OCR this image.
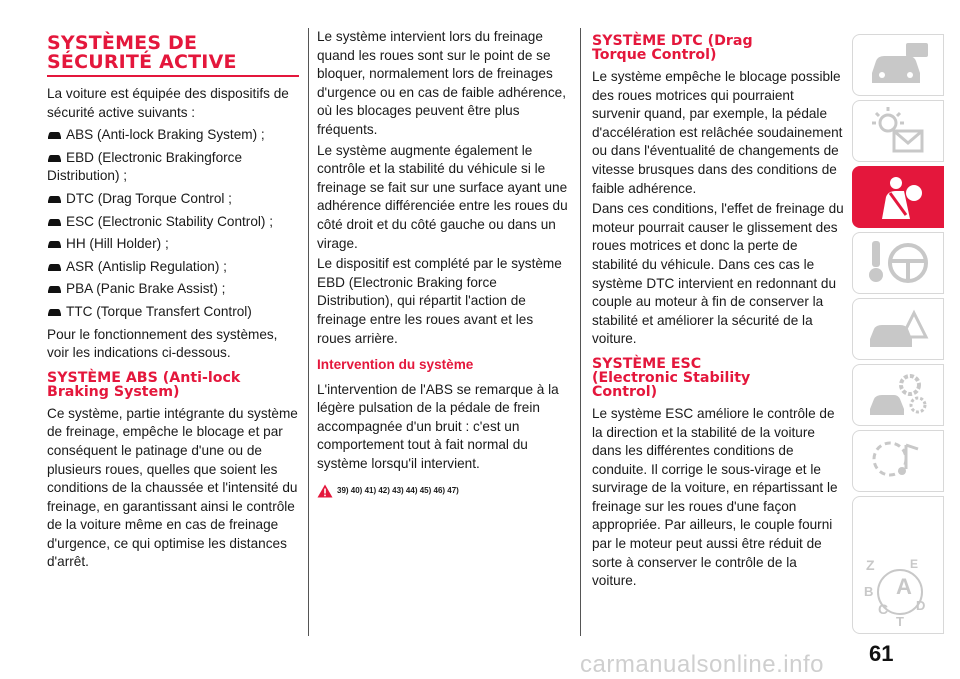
SYSTÈMES DE
SÉCURITÉ ACTIVE

La voiture est équipée des dispositifs de sécurité active suivants :

ABS (Anti-lock Braking System) ;
EBD (Electronic Brakingforce Distribution) ;
DTC (Drag Torque Control ;
ESC (Electronic Stability Control) ;
HH (Hill Holder) ;
ASR (Antislip Regulation) ;
PBA (Panic Brake Assist) ;
TTC (Torque Transfert Control)

Pour le fonctionnement des systèmes, voir les indications ci-dessous.

SYSTÈME ABS (Anti-lock
Braking System)

Ce système, partie intégrante du système de freinage, empêche le blocage et par conséquent le patinage d'une ou de plusieurs roues, quelles que soient les conditions de la chaussée et l'intensité du freinage, en garantissant ainsi le contrôle de la voiture même en cas de freinage d'urgence, ce qui optimise les distances d'arrêt.

Le système intervient lors du freinage quand les roues sont sur le point de se bloquer, normalement lors de freinages d'urgence ou en cas de faible adhérence, où les blocages peuvent être plus fréquents.

Le système augmente également le contrôle et la stabilité du véhicule si le freinage se fait sur une surface ayant une adhérence différenciée entre les roues du côté droit et du côté gauche ou dans un virage.

Le dispositif est complété par le système EBD (Electronic Braking force Distribution), qui répartit l'action de freinage entre les roues avant et les roues arrière.

Intervention du système

L'intervention de l'ABS se remarque à la légère pulsation de la pédale de frein accompagnée d'un bruit : c'est un comportement tout à fait normal du système lorsqu'il intervient.

39) 40) 41) 42) 43) 44) 45) 46) 47)
SYSTÈME DTC (Drag
Torque Control)

Le système empêche le blocage possible des roues motrices qui pourraient survenir quand, par exemple, la pédale d'accélération est relâchée soudainement ou dans l'éventualité de changements de vitesse brusques dans des conditions de faible adhérence.

Dans ces conditions, l'effet de freinage du moteur pourrait causer le glissement des roues motrices et donc la perte de stabilité du véhicule. Dans ces cas le système DTC intervient en redonnant du couple au moteur à fin de conserver la stabilité et améliorer la sécurité de la voiture.

SYSTÈME ESC
(Electronic Stability
Control)

Le système ESC améliore le contrôle de la direction et la stabilité de la voiture dans les différentes conditions de conduite. Il corrige le sous-virage et le survirage de la voiture, en répartissant le freinage sur les roues d'une façon appropriée. Par ailleurs, le couple fourni par le moteur peut aussi être réduit de sorte à conserver le contrôle de la voiture.

Z	E
B A
C D
T
carmanualsonline.info 61
